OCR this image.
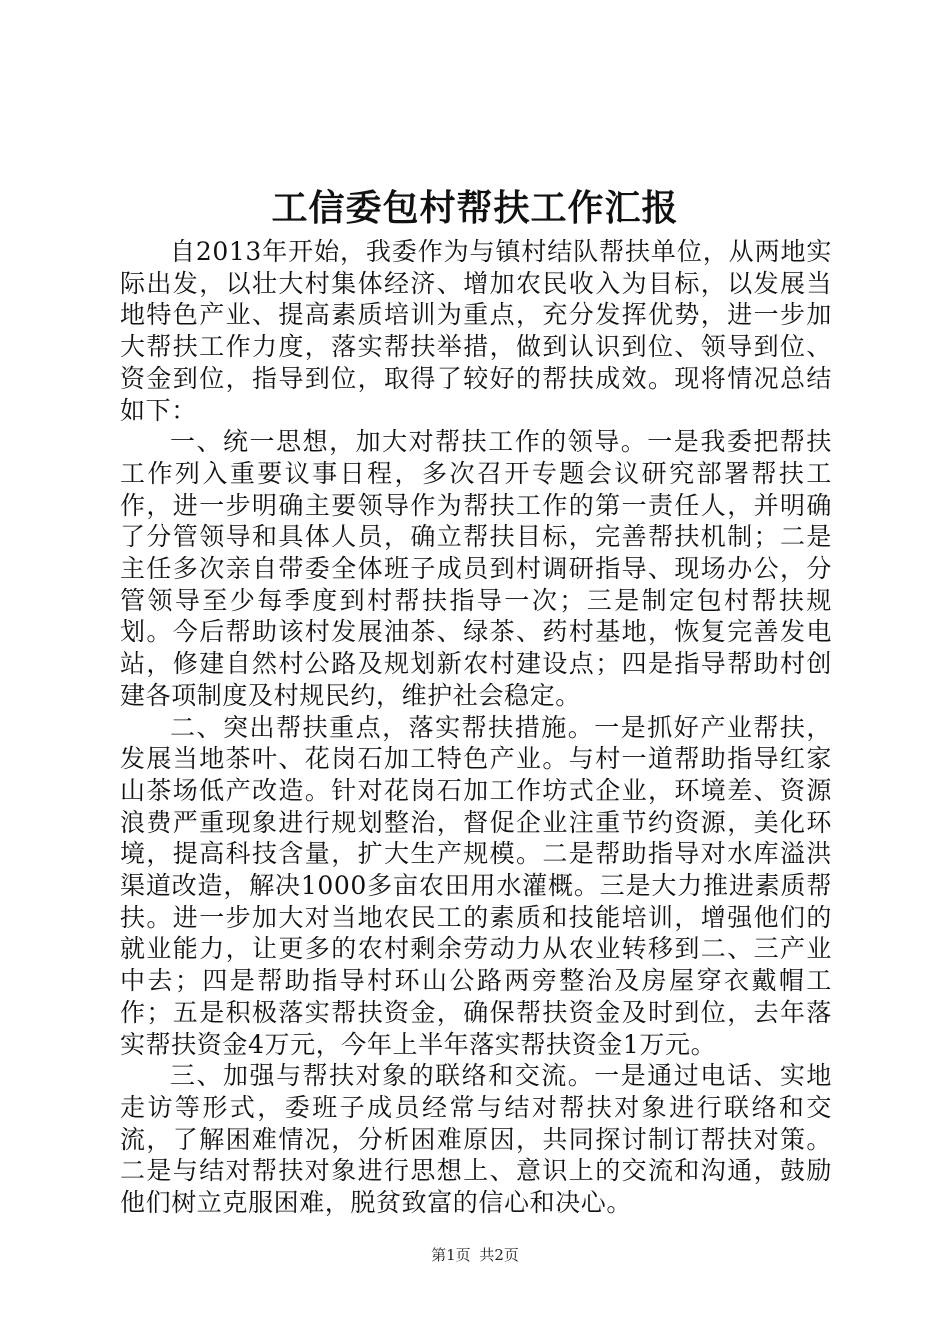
工信委包村帮扶工作汇报

自2013年开始，我委作为与镇村结队帮扶单位，从两地实际出发，以壮大村集体经济、增加农民收入为目标，以发展当地特色产业、提高素质培训为重点，充分发挥优势，进一步加大帮扶工作力度，落实帮扶举措，做到认识到位、领导到位、资金到位，指导到位，取得了较好的帮扶成效。现将情况总结如下：

一、统一思想，加大对帮扶工作的领导。一是我委把帮扶工作列入重要议事日程，多次召开专题会议研究部署帮扶工作，进一步明确主要领导作为帮扶工作的第一责任人，并明确了分管领导和具体人员，确立帮扶目标，完善帮扶机制；二是主任多次亲自带委全体班子成员到村调研指导、现场办公，分管领导至少每季度到村帮扶指导一次；三是制定包村帮扶规划。今后帮助该村发展油茶、绿茶、药村基地，恢复完善发电站，修建自然村公路及规划新农村建设点；四是指导帮助村创建各项制度及村规民约，维护社会稳定。

二、突出帮扶重点，落实帮扶措施。一是抓好产业帮扶，发展当地茶叶、花岗石加工特色产业。与村一道帮助指导红家山茶场低产改造。针对花岗石加工作坊式企业，环境差、资源浪费严重现象进行规划整治，督促企业注重节约资源，美化环境，提高科技含量，扩大生产规模。二是帮助指导对水库溢洪渠道改造，解决1000多亩农田用水灌概。三是大力推进素质帮扶。进一步加大对当地农民工的素质和技能培训，增强他们的就业能力，让更多的农村剩余劳动力从农业转移到二、三产业中去；四是帮助指导村环山公路两旁整治及房屋穿衣戴帽工作；五是积极落实帮扶资金，确保帮扶资金及时到位，去年落实帮扶资金4万元，今年上半年落实帮扶资金1万元。

三、加强与帮扶对象的联络和交流。一是通过电话、实地走访等形式，委班子成员经常与结对帮扶对象进行联络和交流，了解困难情况，分析困难原因，共同探讨制订帮扶对策。二是与结对帮扶对象进行思想上、意识上的交流和沟通，鼓励他们树立克服困难，脱贫致富的信心和决心。

第1页 共2页
